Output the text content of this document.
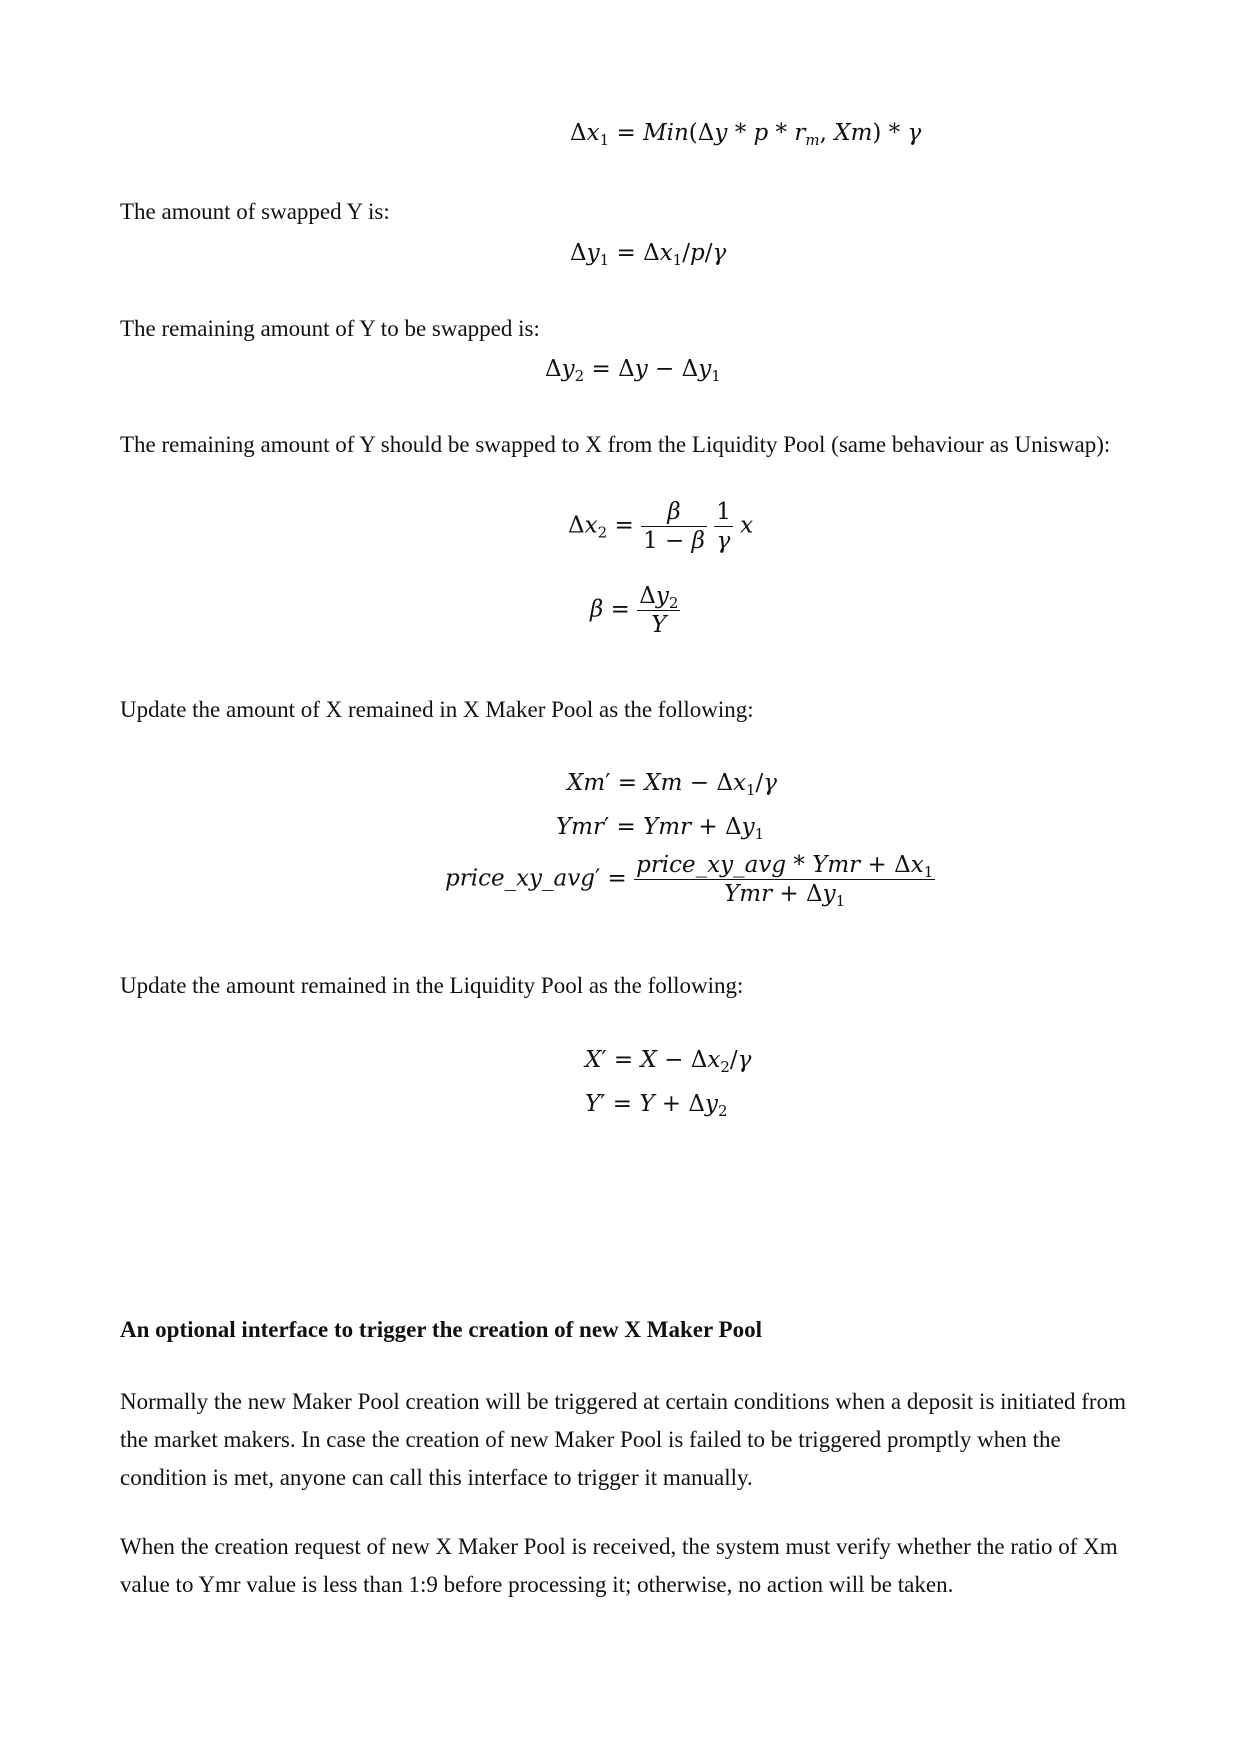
$\Delta x_1 = Min(\Delta y * p * r_m$, Xm) * γ

The amount of swapped Y is:

$\Delta y_1 = \Delta x_1/p/\gamma$

The remaining amount of Y to be swapped is:

$\Delta y_2 = \Delta y - \Delta y_1$

The remaining amount of Y should be swapped to X from the Liquidity Pool (same behaviour as Uniswap):

$\Delta x_2 = \frac{\beta}{1 - \beta}$
$\frac{1}{\gamma}$ x
$\beta = \frac{\Delta y_2}{Y}$

Update the amount of X remained in X Maker Pool as the following:

$Xm' = Xm - \Delta x_1/\gamma$
Ymr′ = Ymr + $\Delta y_1$
price_xy_avg′ = $\frac{price\_xy\_avg * Ymr + \Delta x_1}{Ymr + \Delta y_1}$

Update the amount remained in the Liquidity Pool as the following:

$X' = X - \Delta x_2/\gamma$
$Y' = Y + \Delta y_2$

An optional interface to trigger the creation of new X Maker Pool

Normally the new Maker Pool creation will be triggered at certain conditions when a deposit is initiated from the market makers. In case the creation of new Maker Pool is failed to be triggered promptly when the condition is met, anyone can call this interface to trigger it manually.

When the creation request of new X Maker Pool is received, the system must verify whether the ratio of Xm value to Ymr value is less than 1:9 before processing it; otherwise, no action will be taken.
